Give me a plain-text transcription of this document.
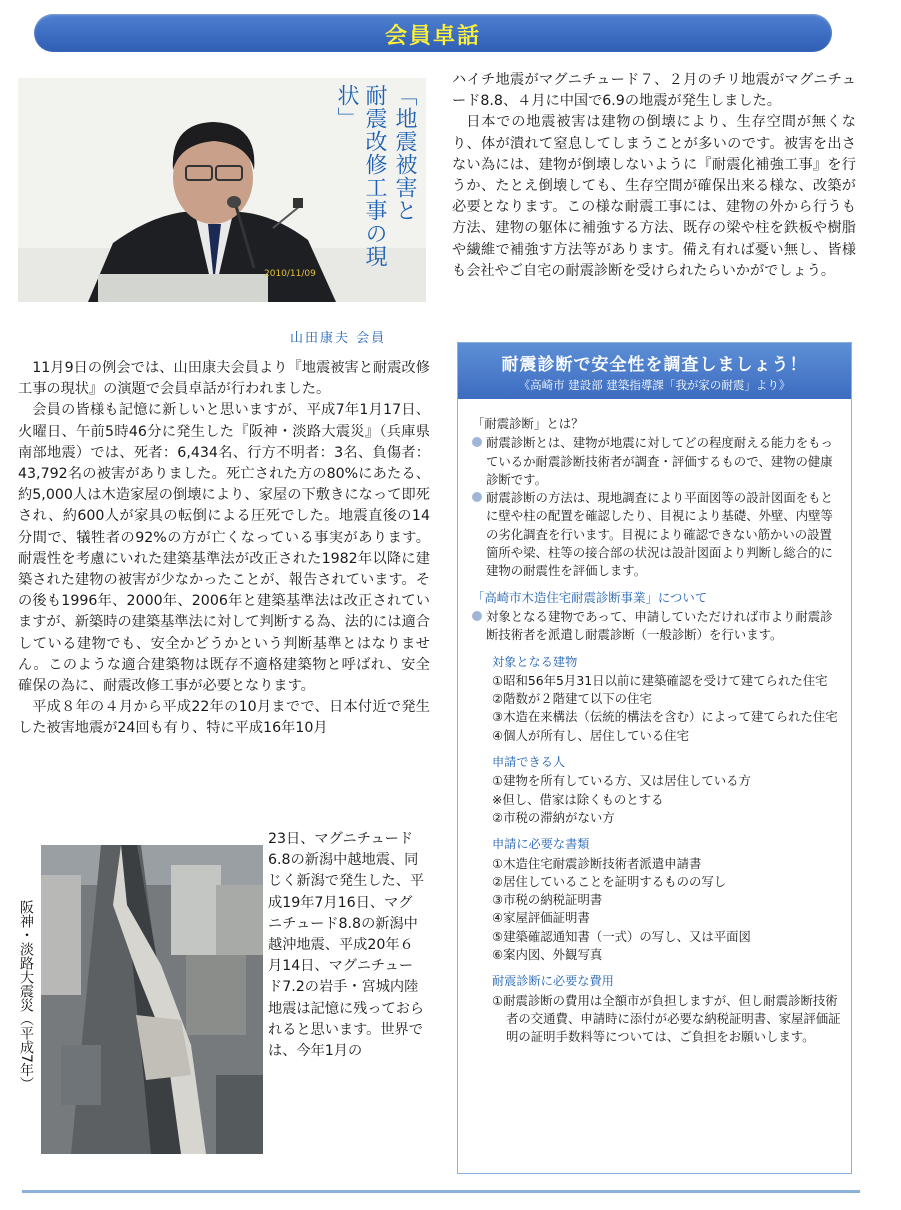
会員卓話
2010/11/09
「地震被害と
耐震改修工事の現状」
山田康夫 会員

11月9日の例会では、山田康夫会員より『地震被害と耐震改修工事の現状』の演題で会員卓話が行われました。

会員の皆様も記憶に新しいと思いますが、平成7年1月17日、火曜日、午前5時46分に発生した『阪神・淡路大震災』（兵庫県南部地震）では、死者：6,434名、行方不明者：3名、負傷者：43,792名の被害がありました。死亡された方の80%にあたる、約5,000人は木造家屋の倒壊により、家屋の下敷きになって即死され、約600人が家具の転倒による圧死でした。地震直後の14分間で、犠牲者の92%の方が亡くなっている事実があります。耐震性を考慮にいれた建築基準法が改正された1982年以降に建築された建物の被害が少なかったことが、報告されています。その後も1996年、2000年、2006年と建築基準法は改正されていますが、新築時の建築基準法に対して判断する為、法的には適合している建物でも、安全かどうかという判断基準とはなりません。このような適合建築物は既存不適格建築物と呼ばれ、安全確保の為に、耐震改修工事が必要となります。

平成８年の４月から平成22年の10月までで、日本付近で発生した被害地震が24回も有り、特に平成16年10月

23日、マグニチュード6.8の新潟中越地震、同じく新潟で発生した、平成19年7月16日、マグニチュード8.8の新潟中越沖地震、平成20年６月14日、マグニチュード7.2の岩手・宮城内陸地震は記憶に残っておられると思います。世界では、今年1月の

阪神・淡路大震災（平成7年）

ハイチ地震がマグニチュード７、２月のチリ地震がマグニチュード8.8、４月に中国で6.9の地震が発生しました。

日本での地震被害は建物の倒壊により、生存空間が無くなり、体が潰れて窒息してしまうことが多いのです。被害を出さない為には、建物が倒壊しないように『耐震化補強工事』を行うか、たとえ倒壊しても、生存空間が確保出来る様な、改築が必要となります。この様な耐震工事には、建物の外から行うも方法、建物の躯体に補強する方法、既存の梁や柱を鉄板や樹脂や繊維で補強す方法等があります。備え有れば憂い無し、皆様も会社やご自宅の耐震診断を受けられたらいかがでしょう。

耐震診断で安全性を調査しましょう！
《高崎市 建設部 建築指導課「我が家の耐震」より》

「耐震診断」とは？

耐震診断とは、建物が地震に対してどの程度耐える能力をもっているか耐震診断技術者が調査・評価するもので、建物の健康診断です。

耐震診断の方法は、現地調査により平面図等の設計図面をもとに壁や柱の配置を確認したり、目視により基礎、外壁、内壁等の劣化調査を行います。目視により確認できない筋かいの設置箇所や梁、柱等の接合部の状況は設計図面より判断し総合的に建物の耐震性を評価します。

「高崎市木造住宅耐震診断事業」について

対象となる建物であって、申請していただければ市より耐震診断技術者を派遣し耐震診断（一般診断）を行います。

対象となる建物

①昭和56年5月31日以前に建築確認を受けて建てられた住宅

②階数が２階建て以下の住宅

③木造在来構法（伝統的構法を含む）によって建てられた住宅

④個人が所有し、居住している住宅

申請できる人

①建物を所有している方、又は居住している方

※但し、借家は除くものとする

②市税の滞納がない方

申請に必要な書類

①木造住宅耐震診断技術者派遣申請書

②居住していることを証明するものの写し

③市税の納税証明書

④家屋評価証明書

⑤建築確認通知書（一式）の写し、又は平面図

⑥案内図、外観写真

耐震診断に必要な費用

①耐震診断の費用は全額市が負担しますが、但し耐震診断技術者の交通費、申請時に添付が必要な納税証明書、家屋評価証明の証明手数料等については、ご負担をお願いします。
